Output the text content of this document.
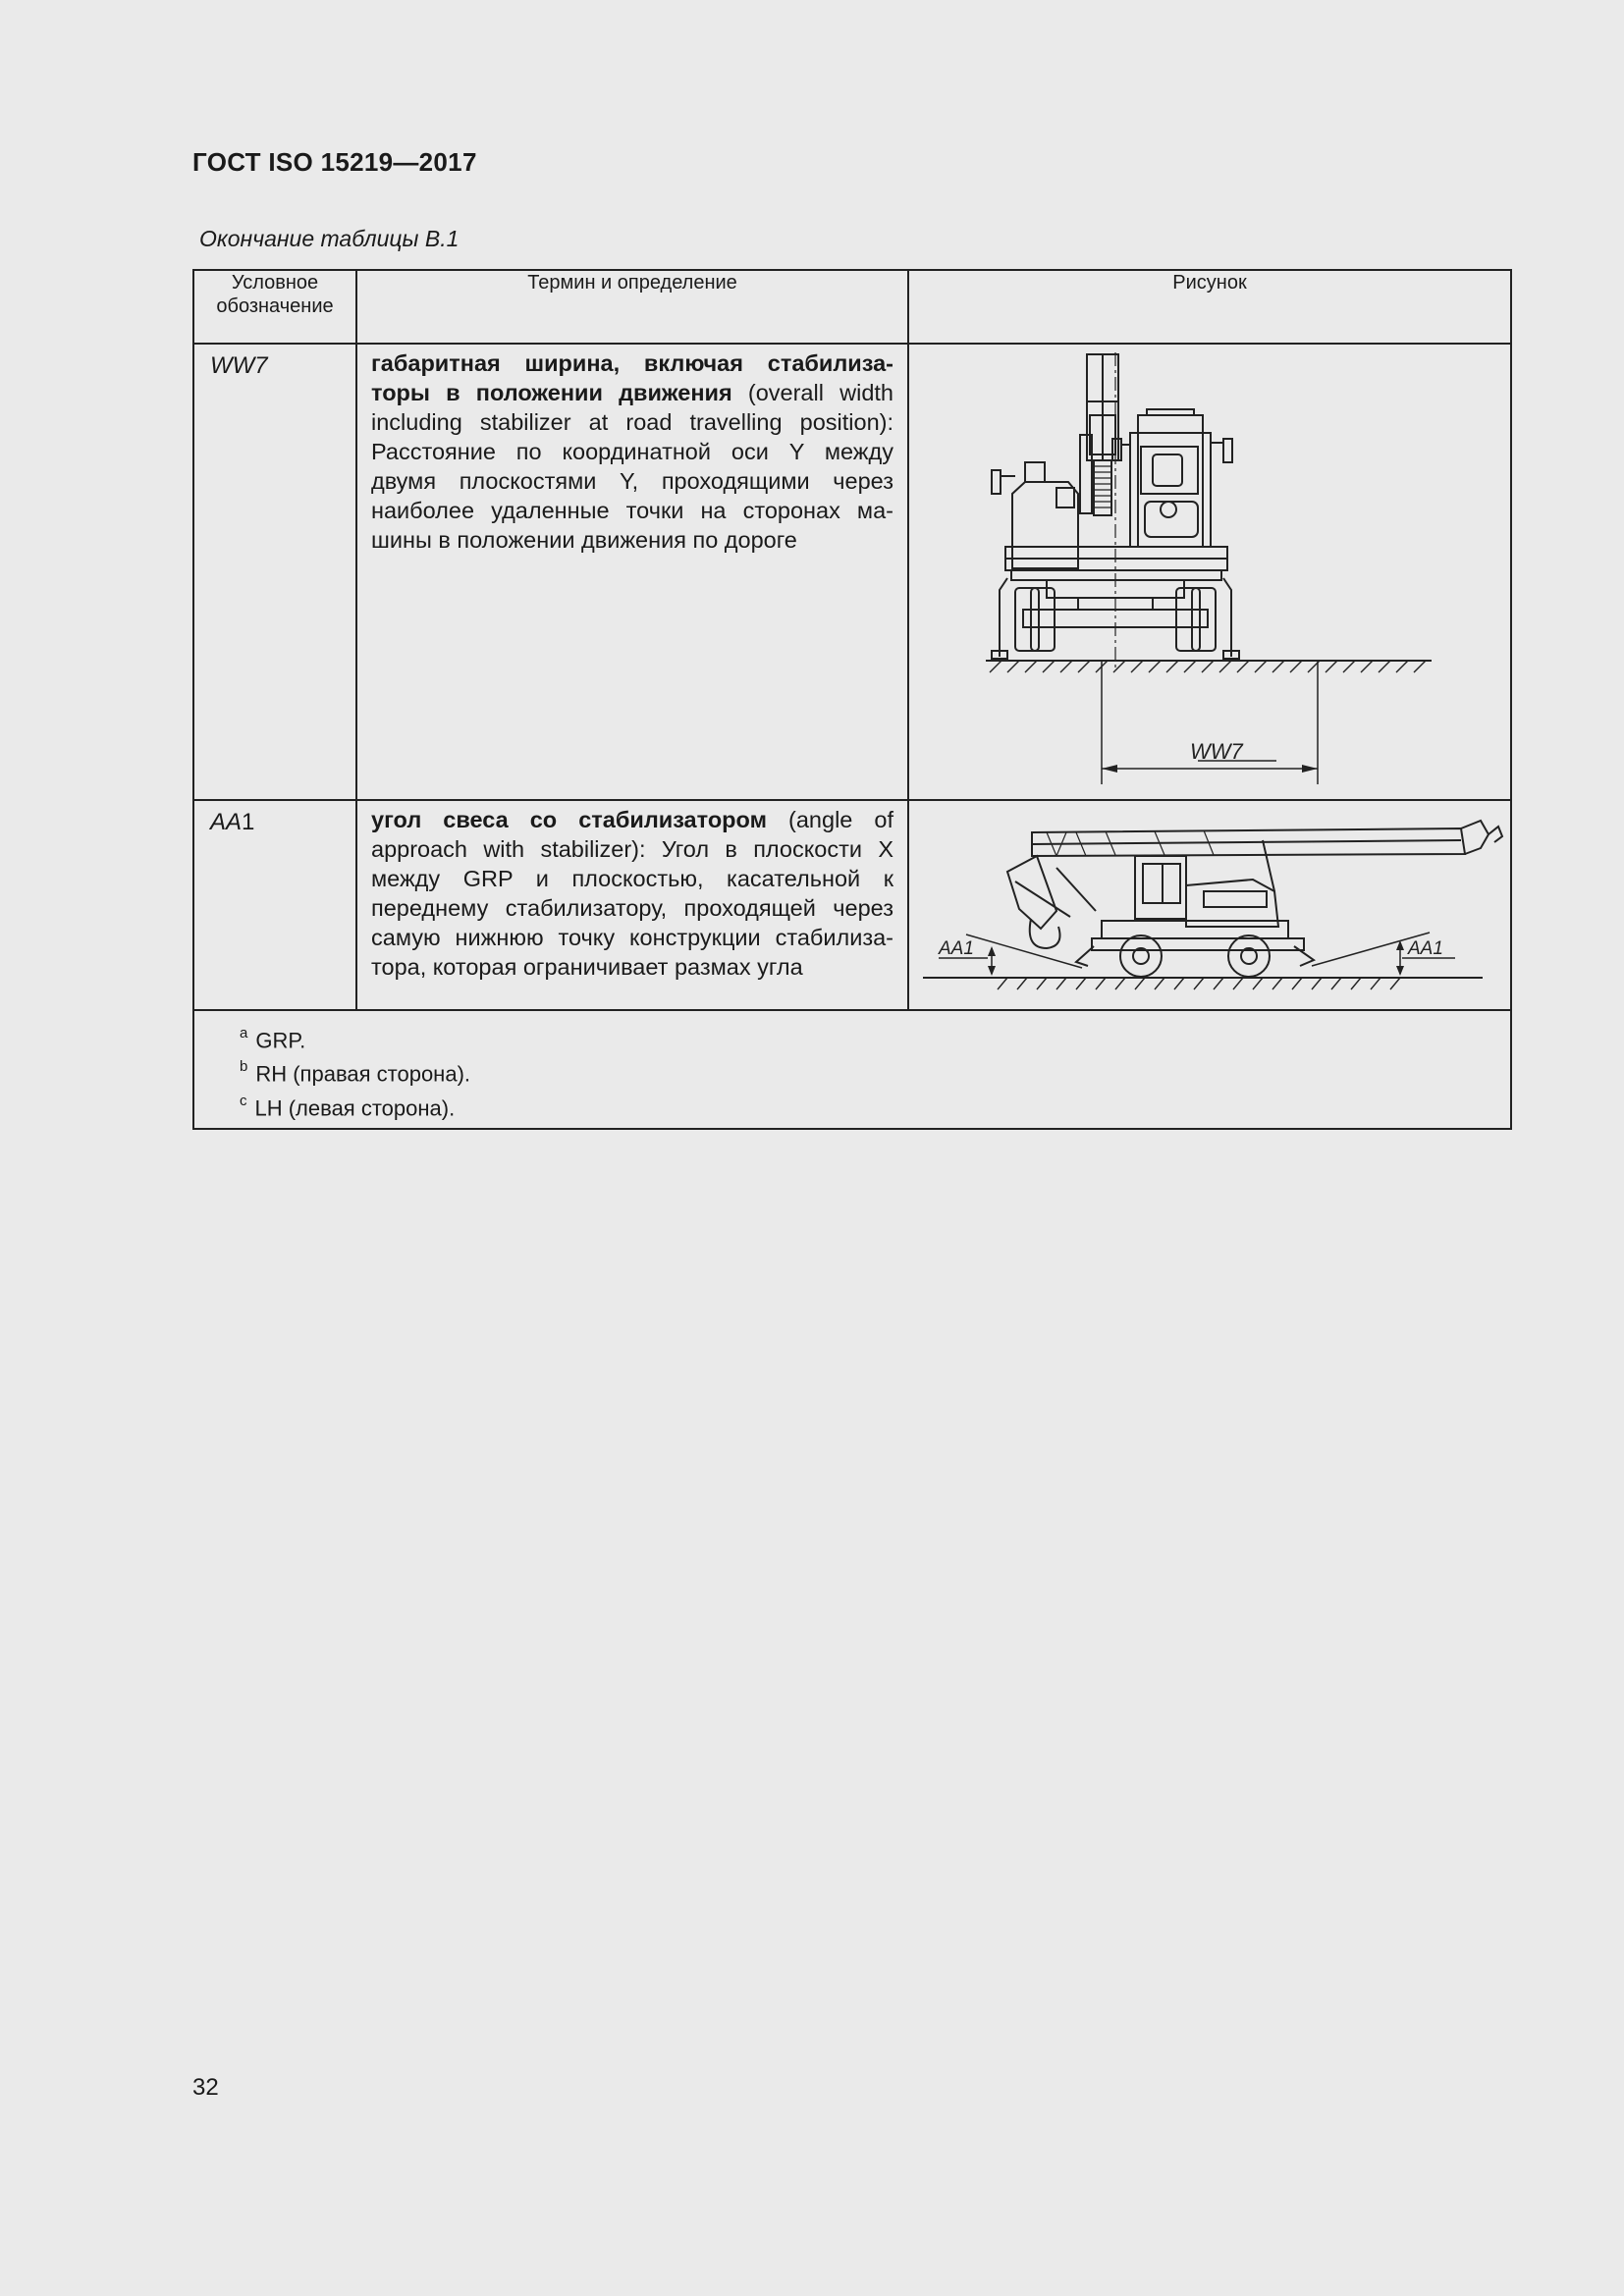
ГОСТ ISO 15219—2017
Окончание таблицы В.1
Условное обозначение	Термин и определение	Рисунок
WW7	габаритная ширина, включая стабилиза-торы в положении движения (overall width including stabilizer at road travelling position): Расстояние по координатной оси Y между двумя плоскостями Y, проходящими через наиболее удаленные точки на сторонах ма-шины в положении движения по дороге	WW7

AA1	угол свеса со стабилизатором (angle of approach with stabilizer): Угол в плоскости X между GRP и плоскостью, касательной к переднему стабилизатору, проходящей через самую нижнюю точку конструкции стабилиза-тора, которая ограничивает размах угла	AA1 AA1

$^a$ GRP.
$^b$ RH (правая сторона).
$^c$ LH (левая сторона).		
32
